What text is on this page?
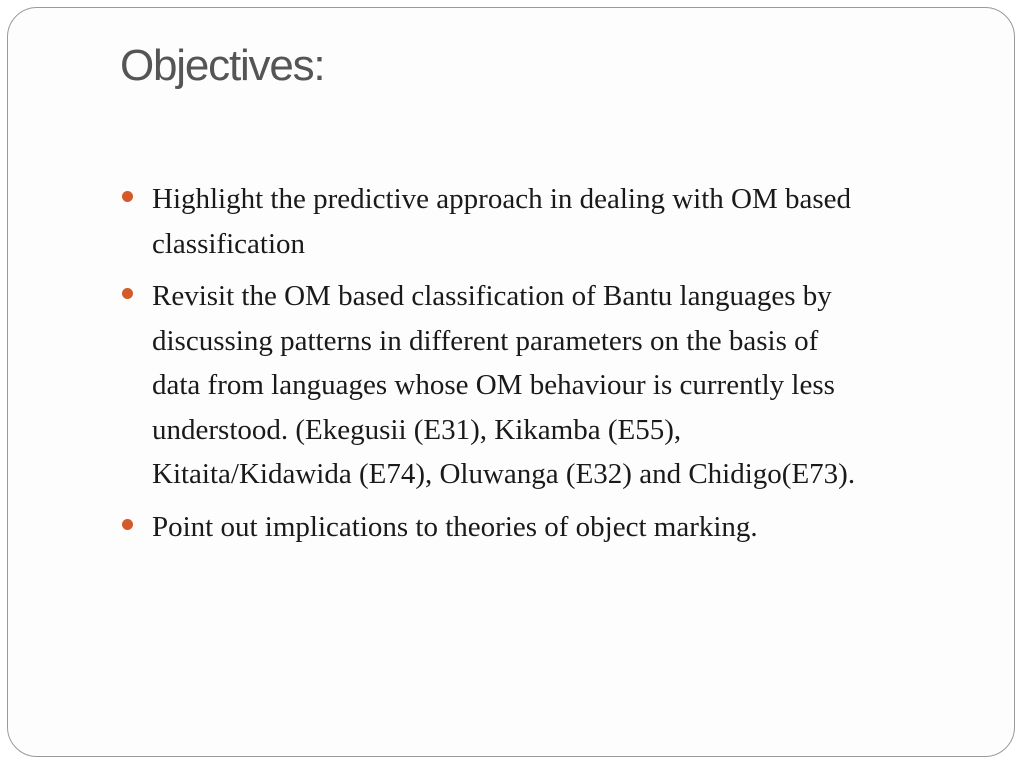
Objectives:
Highlight the predictive approach in dealing with OM based
classification
Revisit the OM based classification of Bantu languages by
discussing patterns in different parameters on the basis of
data from languages whose OM behaviour is currently less
understood. (Ekegusii (E31), Kikamba (E55),
Kitaita/Kidawida (E74), Oluwanga (E32) and Chidigo(E73).
Point out implications to theories of object marking.
